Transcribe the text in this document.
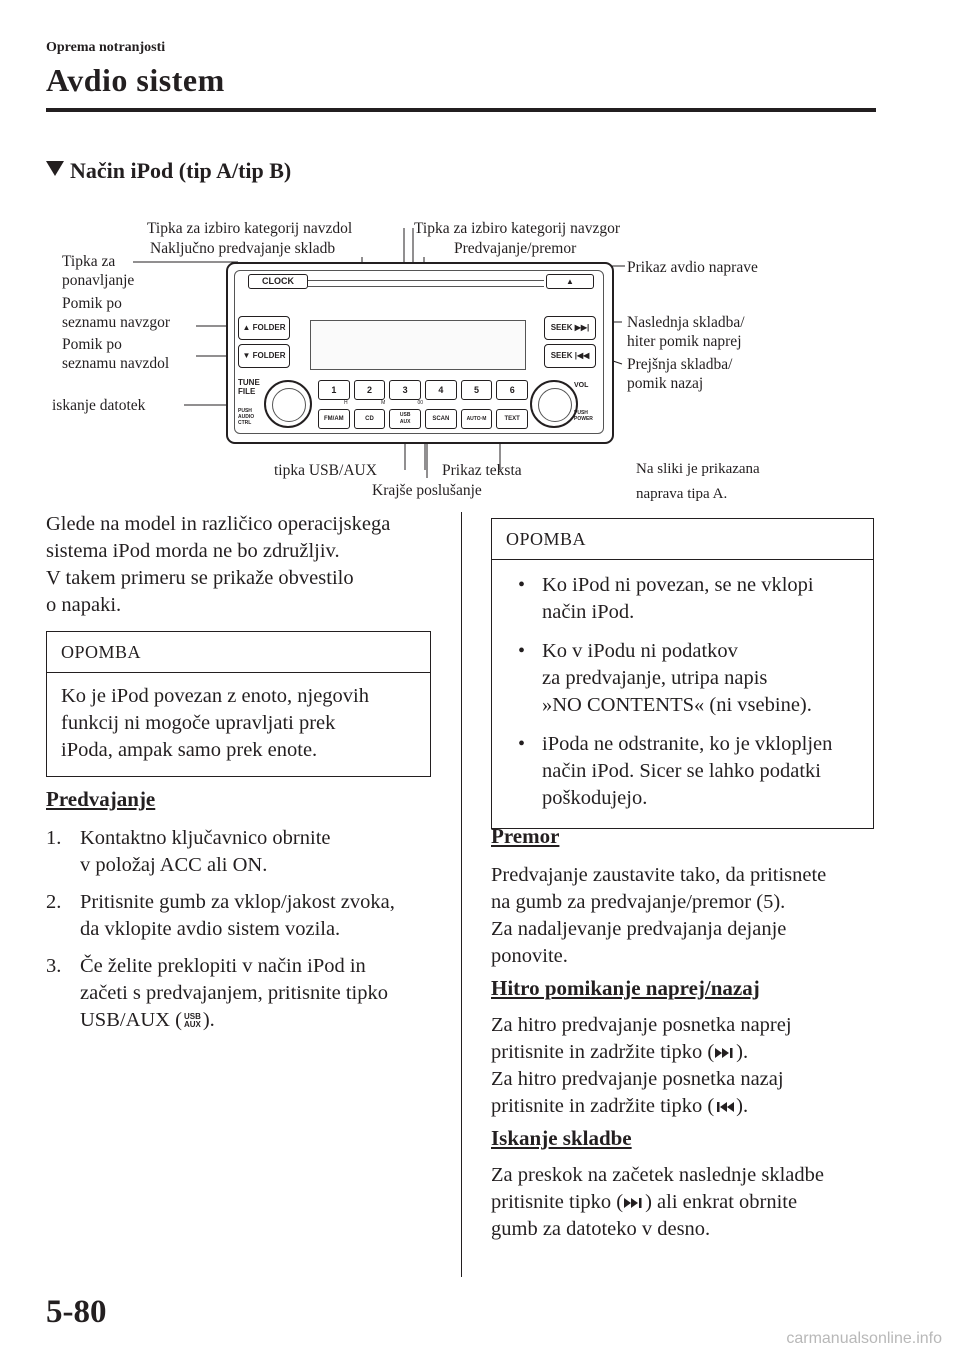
Oprema notranjosti
Avdio sistem
Način iPod (tip A/tip B)
Tipka za
ponavljanje
Pomik po
seznamu navzgor
Pomik po
seznamu navzdol
iskanje datotek
Tipka za izbiro kategorij navzdol
Naključno predvajanje skladb
Tipka za izbiro kategorij navzgor
Predvajanje/premor
Prikaz avdio naprave
Naslednja skladba/
hiter pomik naprej
Prejšnja skladba/
pomik nazaj
tipka USB/AUX	Prikaz teksta
Krajše poslušanje
Na sliki je prikazana
naprava tipa A.
CLOCK	▲
▲ FOLDER
▼ FOLDER
SEEK ▶▶|
SEEK |◀◀
TUNE
FILE
PUSH
AUDIO
CTRL
1	2	3	4	5	6
H	M	00
FM/AM	CD
USB
AUX	SCAN	AUTO·M	TEXT
VOL
PUSH
POWER
Glede na model in različico operacijskega
sistema iPod morda ne bo združljiv.
V takem primeru se prikaže obvestilo
o napaki.
OPOMBA
Ko je iPod povezan z enoto, njegovih
funkcij ni mogoče upravljati prek
iPoda, ampak samo prek enote.
Predvajanje
1. Kontaktno ključavnico obrnite
v položaj ACC ali ON.
2. Pritisnite gumb za vklop/jakost zvoka,
da vklopite avdio sistem vozila.
3. Če želite preklopiti v način iPod in
začeti s predvajanjem, pritisnite tipko
USB/AUX ( USB
AUX ).
OPOMBA
• Ko iPod ni povezan, se ne vklopi
način iPod.
• Ko v iPodu ni podatkov
za predvajanje, utripa napis
»NO CONTENTS« (ni vsebine).
• iPoda ne odstranite, ko je vklopljen
način iPod. Sicer se lahko podatki
poškodujejo.
Premor
Predvajanje zaustavite tako, da pritisnete
na gumb za predvajanje/premor (5).
Za nadaljevanje predvajanja dejanje
ponovite.
Hitro pomikanje naprej/nazaj
Za hitro predvajanje posnetka naprej
pritisnite in zadržite tipko ( ).
Za hitro predvajanje posnetka nazaj
pritisnite in zadržite tipko ( ).
Iskanje skladbe
Za preskok na začetek naslednje skladbe
pritisnite tipko ( ) ali enkrat obrnite
gumb za datoteko v desno.
5-80
carmanualsonline.info
